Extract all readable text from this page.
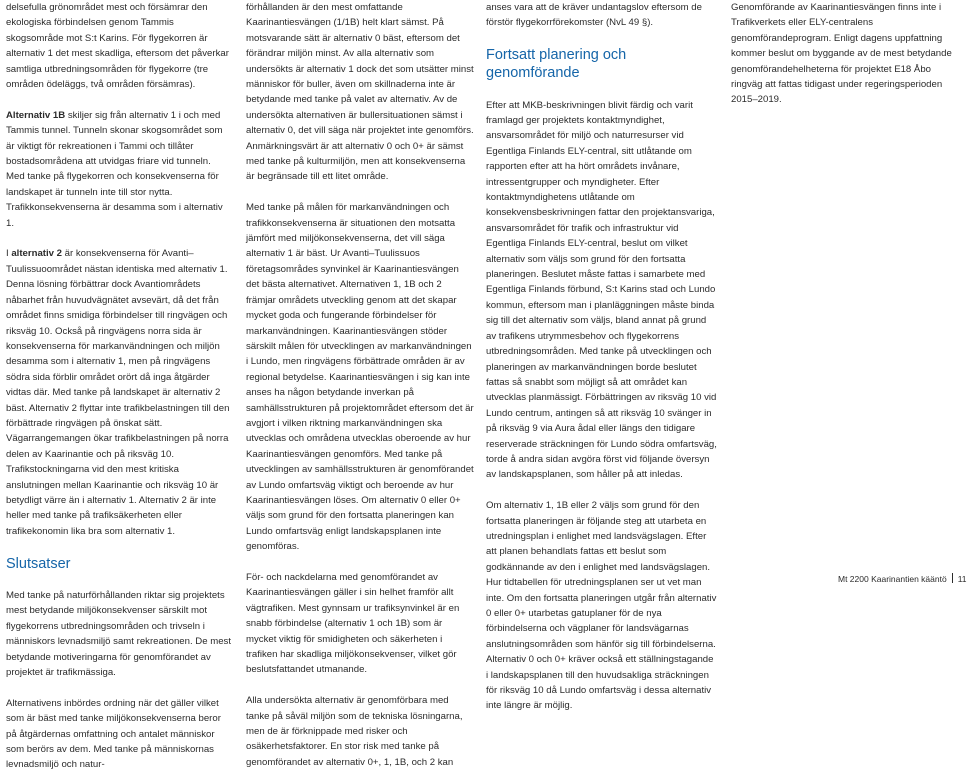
delsefulla grönområdet mest och försämrar den ekologiska förbindelsen genom Tammis skogsområde mot S:t Karins. För flygekorren är alternativ 1 det mest skadliga, eftersom det påverkar samtliga utbredningsområden för flygekorre (tre områden ödeläggs, två områden försämras).

Alternativ 1B skiljer sig från alternativ 1 i och med Tammis tunnel. Tunneln skonar skogsområdet som är viktigt för rekreationen i Tammi och tillåter bostadsområdena att utvidgas friare vid tunneln. Med tanke på flygekorren och konsekvenserna för landskapet är tunneln inte till stor nytta. Trafikkonsekvenserna är desamma som i alternativ 1.

I alternativ 2 är konsekvenserna för Avanti–Tuulissuoområdet nästan identiska med alternativ 1. Denna lösning förbättrar dock Avantiområdets nåbarhet från huvudvägnätet avsevärt, då det från området finns smidiga förbindelser till ringvägen och riksväg 10. Också på ringvägens norra sida är konsekvenserna för markanvändningen och miljön desamma som i alternativ 1, men på ringvägens södra sida förblir området orört då inga åtgärder vidtas där. Med tanke på landskapet är alternativ 2 bäst. Alternativ 2 flyttar inte trafikbelastningen till den förbättrade ringvägen på önskat sätt. Vägarrangemangen ökar trafikbelastningen på norra delen av Kaarinantie och på riksväg 10. Trafikstockningarna vid den mest kritiska anslutningen mellan Kaarinantie och riksväg 10 är betydligt värre än i alternativ 1. Alternativ 2 är inte heller med tanke på trafiksäkerheten eller trafikekonomin lika bra som alternativ 1.

Slutsatser

Med tanke på naturförhållanden riktar sig projektets mest betydande miljökonsekvenser särskilt mot flygekorrens utbredningsområden och trivseln i människors levnadsmiljö samt rekreationen. De mest betydande motiveringarna för genomförandet av projektet är trafikmässiga.

Alternativens inbördes ordning när det gäller vilket som är bäst med tanke miljökonsekvenserna beror på åtgärdernas omfattning och antalet människor som berörs av dem. Med tanke på människornas levnadsmiljö och natur-

förhållanden är den mest omfattande Kaarinantiesvängen (1/1B) helt klart sämst. På motsvarande sätt är alternativ 0 bäst, eftersom det förändrar miljön minst. Av alla alternativ som undersökts är alternativ 1 dock det som utsätter minst människor för buller, även om skillnaderna inte är betydande med tanke på valet av alternativ. Av de undersökta alternativen är bullersituationen sämst i alternativ 0, det vill säga när projektet inte genomförs. Anmärkningsvärt är att alternativ 0 och 0+ är sämst med tanke på kulturmiljön, men att konsekvenserna är begränsade till ett litet område.

Med tanke på målen för markanvändningen och trafikkonsekvenserna är situationen den motsatta jämfört med miljökonsekvenserna, det vill säga alternativ 1 är bäst. Ur Avanti–Tuulissuos företagsområdes synvinkel är Kaarinantiesvängen det bästa alternativet. Alternativen 1, 1B och 2 främjar områdets utveckling genom att det skapar mycket goda och fungerande förbindelser för markanvändningen. Kaarinantiesvängen stöder särskilt målen för utvecklingen av markanvändningen i Lundo, men ringvägens förbättrade områden är av regional betydelse. Kaarinantiesvängen i sig kan inte anses ha någon betydande inverkan på samhällsstrukturen på projektområdet eftersom det är avgjort i vilken riktning markanvändningen ska utvecklas och områdena utvecklas oberoende av hur Kaarinantiesvängen genomförs. Med tanke på utvecklingen av samhällsstrukturen är genomförandet av Lundo omfartsväg viktigt och beroende av hur Kaarinantiesvängen löses. Om alternativ 0 eller 0+ väljs som grund för den fortsatta planeringen kan Lundo omfartsväg enligt landskapsplanen inte genomföras.

För- och nackdelarna med genomförandet av Kaarinantiesvängen gäller i sin helhet framför allt vägtrafiken. Mest gynnsam ur trafiksynvinkel är en snabb förbindelse (alternativ 1 och 1B) som är mycket viktig för smidigheten och säkerheten i trafiken har skadliga miljökonsekvenser, vilket gör beslutsfattandet utmanande.

Alla undersökta alternativ är genomförbara med tanke på såväl miljön som de tekniska lösningarna, men de är förknippade med risker och osäkerhetsfaktorer. En stor risk med tanke på genomförandet av alternativ 0+, 1, 1B, och 2 kan

anses vara att de kräver undantagslov eftersom de förstör flygekorrförekomster (NvL 49 §).

Fortsatt planering och genomförande

Efter att MKB-beskrivningen blivit färdig och varit framlagd ger projektets kontaktmyndighet, ansvarsområdet för miljö och naturresurser vid Egentliga Finlands ELY-central, sitt utlåtande om rapporten efter att ha hört områdets invånare, intressentgrupper och myndigheter. Efter kontaktmyndighetens utlåtande om konsekvensbeskrivningen fattar den projektansvariga, ansvarsområdet för trafik och infrastruktur vid Egentliga Finlands ELY-central, beslut om vilket alternativ som väljs som grund för den fortsatta planeringen. Beslutet måste fattas i samarbete med Egentliga Finlands förbund, S:t Karins stad och Lundo kommun, eftersom man i planläggningen måste binda sig till det alternativ som väljs, bland annat på grund av trafikens utrymmesbehov och flygekorrens utbredningsområden. Med tanke på utvecklingen och planeringen av markanvändningen borde beslutet fattas så snabbt som möjligt så att området kan utvecklas planmässigt. Förbättringen av riksväg 10 vid Lundo centrum, antingen så att riksväg 10 svänger in på riksväg 9 via Aura ådal eller längs den tidigare reserverade sträckningen för Lundo södra omfartsväg, torde å andra sidan avgöra först vid följande översyn av landskapsplanen, som håller på att inledas.

Om alternativ 1, 1B eller 2 väljs som grund för den fortsatta planeringen är följande steg att utarbeta en utredningsplan i enlighet med landsvägslagen. Efter att planen behandlats fattas ett beslut som godkännande av den i enlighet med landsvägslagen. Hur tidtabellen för utredningsplanen ser ut vet man inte. Om den fortsatta planeringen utgår från alternativ 0 eller 0+ utarbetas gatuplaner för de nya förbindelserna och vägplaner för landsvägarnas anslutningsområden som hänför sig till förbindelserna. Alternativ 0 och 0+ kräver också ett ställningstagande i landskapsplanen till den huvudsakliga sträckningen för riksväg 10 då Lundo omfartsväg i dessa alternativ inte längre är möjlig.

Genomförande av Kaarinantiesvängen finns inte i Trafikverkets eller ELY-centralens genomförandeprogram. Enligt dagens uppfattning kommer beslut om byggande av de mest betydande genomförandehelheterna för projektet E18 Åbo ringväg att fattas tidigast under regeringsperioden 2015–2019.

Mt 2200 Kaarinantien kääntö 11
